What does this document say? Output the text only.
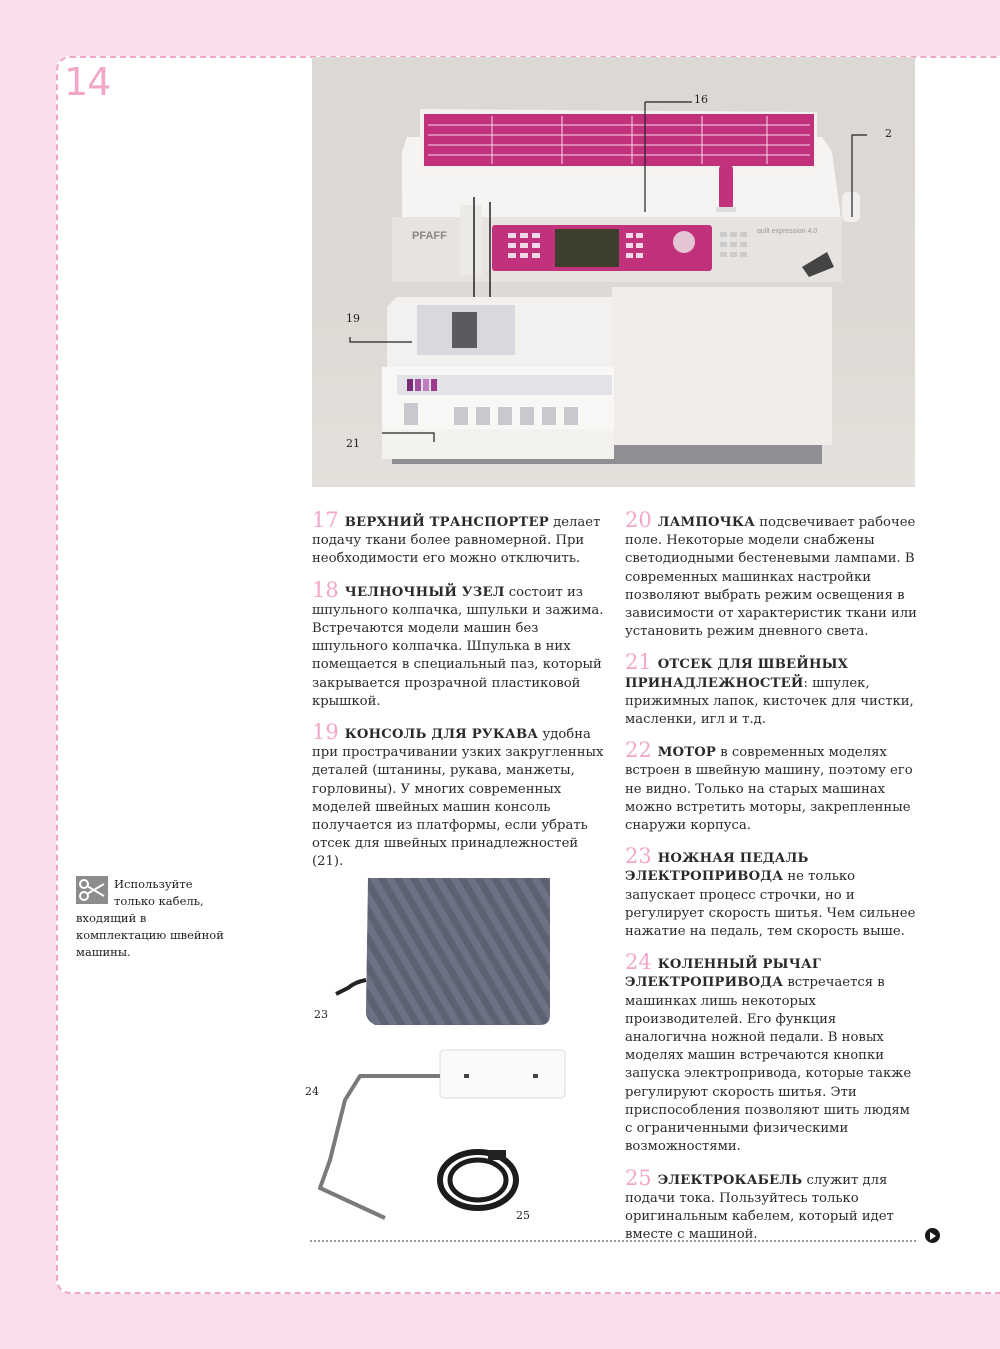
14
PFAFF	quilt expression 4.0
16
2
19
21
17 ВЕРХНИЙ ТРАНСПОРТЕР делает подачу ткани более равномерной. При необходимости его можно отключить.
18 ЧЕЛНОЧНЫЙ УЗЕЛ состоит из шпульного колпачка, шпульки и зажима. Встречаются модели машин без шпульного колпачка. Шпулька в них помещается в специальный паз, который закрывается прозрачной пластиковой крышкой.
19 КОНСОЛЬ ДЛЯ РУКАВА удобна при прострачивании узких закругленных деталей (штанины, рукава, манжеты, горловины). У многих современных моделей швейных машин консоль получается из платформы, если убрать отсек для швейных принадлежностей (21).
20 ЛАМПОЧКА подсвечивает рабочее поле. Некоторые модели снабжены светодиодными бестеневыми лампами. В современных машинках настройки позволяют выбрать режим освещения в зависимости от характеристик ткани или установить режим дневного света.
21 ОТСЕК ДЛЯ ШВЕЙНЫХ ПРИНАДЛЕЖНОСТЕЙ: шпулек, прижимных лапок, кисточек для чистки, масленки, игл и т.д.
22 МОТОР в современных моделях встроен в швейную машину, поэтому его не видно. Только на старых машинах можно встретить моторы, закрепленные снаружи корпуса.
23 НОЖНАЯ ПЕДАЛЬ ЭЛЕКТРОПРИВОДА не только запускает процесс строчки, но и регулирует скорость шитья. Чем сильнее нажатие на педаль, тем скорость выше.
24 КОЛЕННЫЙ РЫЧАГ ЭЛЕКТРОПРИВОДА встречается в машинках лишь некоторых производителей. Его функция аналогична ножной педали. В новых моделях машин встречаются кнопки запуска электропривода, которые также регулируют скорость шитья. Эти приспособления позволяют шить людям с ограниченными физическими возможностями.
25 ЭЛЕКТРОКАБЕЛЬ служит для подачи тока. Пользуйтесь только оригинальным кабелем, который идет вместе с машиной.
Используйте только кабель, входящий в комплектацию швейной машины.
23
24
25
